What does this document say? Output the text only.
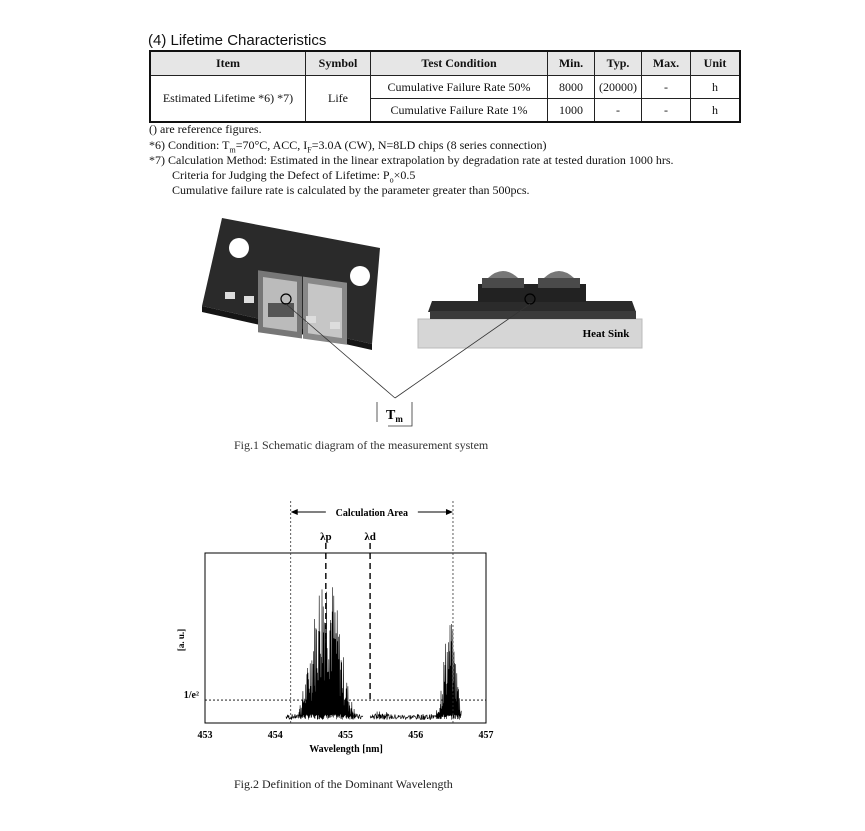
(4) Lifetime Characteristics
Item	Symbol	Test Condition	Min.	Typ.	Max.	Unit
Estimated Lifetime *6) *7)	Life	Cumulative Failure Rate 50%	8000	(20000)	-	h
		Cumulative Failure Rate 1%	1000	-	-	h
() are reference figures.
*6) Condition: $T_m=70^\circ C$, ACC, $I_F=3.0A$ (CW), N=8LD chips (8 series connection)
*7) Calculation Method: Estimated in the linear extrapolation by degradation rate at tested duration 1000 hrs.
Criteria for Judging the Defect of Lifetime: $P_o\times 0.5$
Cumulative failure rate is calculated by the parameter greater than 500pcs.
Heat Sink
$T_m$
Fig.1 Schematic diagram of the measurement system
1/e²
Calculation Area
λp	λd
[a. u.]
453	454	455	456	457
Wavelength [nm]
Fig.2 Definition of the Dominant Wavelength
